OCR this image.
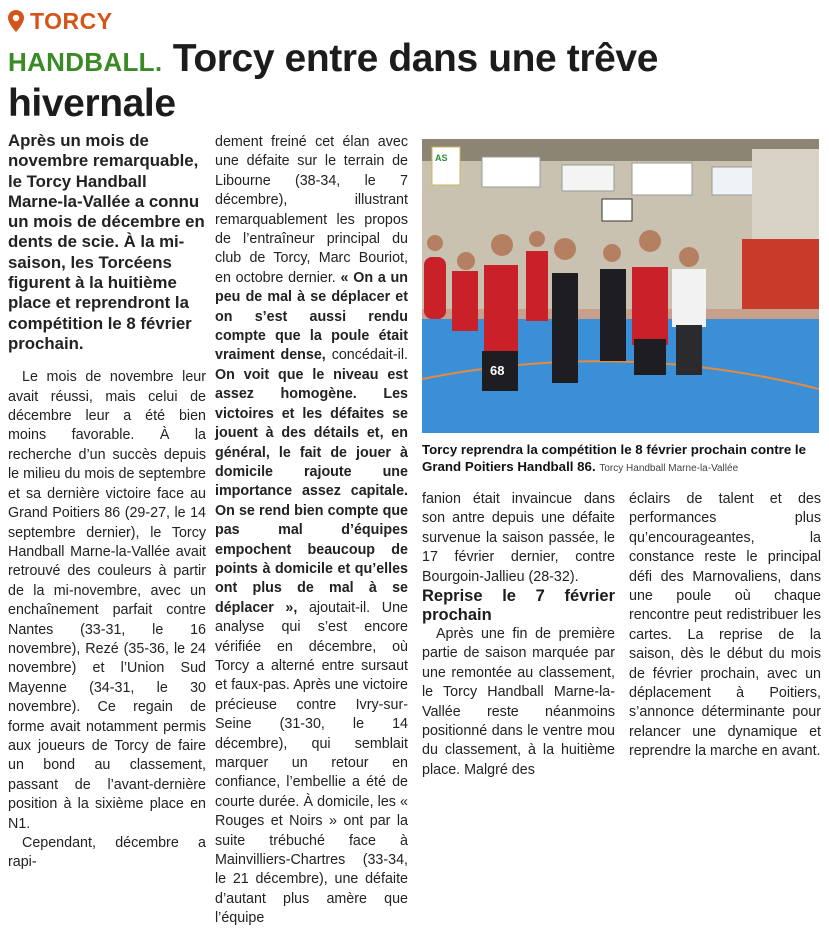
TORCY
HANDBALL. Torcy entre dans une trêve hivernale

Après un mois de novembre remarquable, le Torcy Handball Marne-la-Vallée a connu un mois de décembre en dents de scie. À la mi-saison, les Torcéens figurent à la huitième place et reprendront la compétition le 8 février prochain.

Le mois de novembre leur avait réussi, mais celui de décembre leur a été bien moins favorable. À la recherche d’un succès depuis le milieu du mois de septembre et sa dernière victoire face au Grand Poitiers 86 (29-27, le 14 septembre dernier), le Torcy Handball Marne-la-Vallée avait retrouvé des couleurs à partir de la mi-novembre, avec un enchaînement parfait contre Nantes (33-31, le 16 novembre), Rezé (35-36, le 24 novembre) et l’Union Sud Mayenne (34-31, le 30 novembre). Ce regain de forme avait notamment permis aux joueurs de Torcy de faire un bond au classement, passant de l’avant-dernière position à la sixième place en N1.

Cependant, décembre a rapi-

dement freiné cet élan avec une défaite sur le terrain de Libourne (38-34, le 7 décembre), illustrant remarquablement les propos de l’entraîneur principal du club de Torcy, Marc Bouriot, en octobre dernier. « On a un peu de mal à se déplacer et on s’est aussi rendu compte que la poule était vraiment dense, concédait-il. On voit que le niveau est assez homogène. Les victoires et les défaites se jouent à des détails et, en général, le fait de jouer à domicile rajoute une importance assez capitale. On se rend bien compte que pas mal d’équipes empochent beaucoup de points à domicile et qu’elles ont plus de mal à se déplacer », ajoutait-il. Une analyse qui s’est encore vérifiée en décembre, où Torcy a alterné entre sursaut et faux-pas. Après une victoire précieuse contre Ivry-sur-Seine (31-30, le 14 décembre), qui semblait marquer un retour en confiance, l’embellie a été de courte durée. À domicile, les « Rouges et Noirs » ont par la suite trébuché face à Mainvilliers-Chartres (33-34, le 21 décembre), une défaite d’autant plus amère que l’équipe

AS
68
Torcy reprendra la compétition le 8 février prochain contre le Grand Poitiers Handball 86. Torcy Handball Marne-la-Vallée

fanion était invaincue dans son antre depuis une défaite survenue la saison passée, le 17 février dernier, contre Bourgoin-Jallieu (28-32).

Reprise le 7 février prochain

Après une fin de première partie de saison marquée par une remontée au classement, le Torcy Handball Marne-la-Vallée reste néanmoins positionné dans le ventre mou du classement, à la huitième place. Malgré des

éclairs de talent et des performances plus qu’encourageantes, la constance reste le principal défi des Marnovaliens, dans une poule où chaque rencontre peut redistribuer les cartes. La reprise de la saison, dès le début du mois de février prochain, avec un déplacement à Poitiers, s’annonce déterminante pour relancer une dynamique et reprendre la marche en avant.
